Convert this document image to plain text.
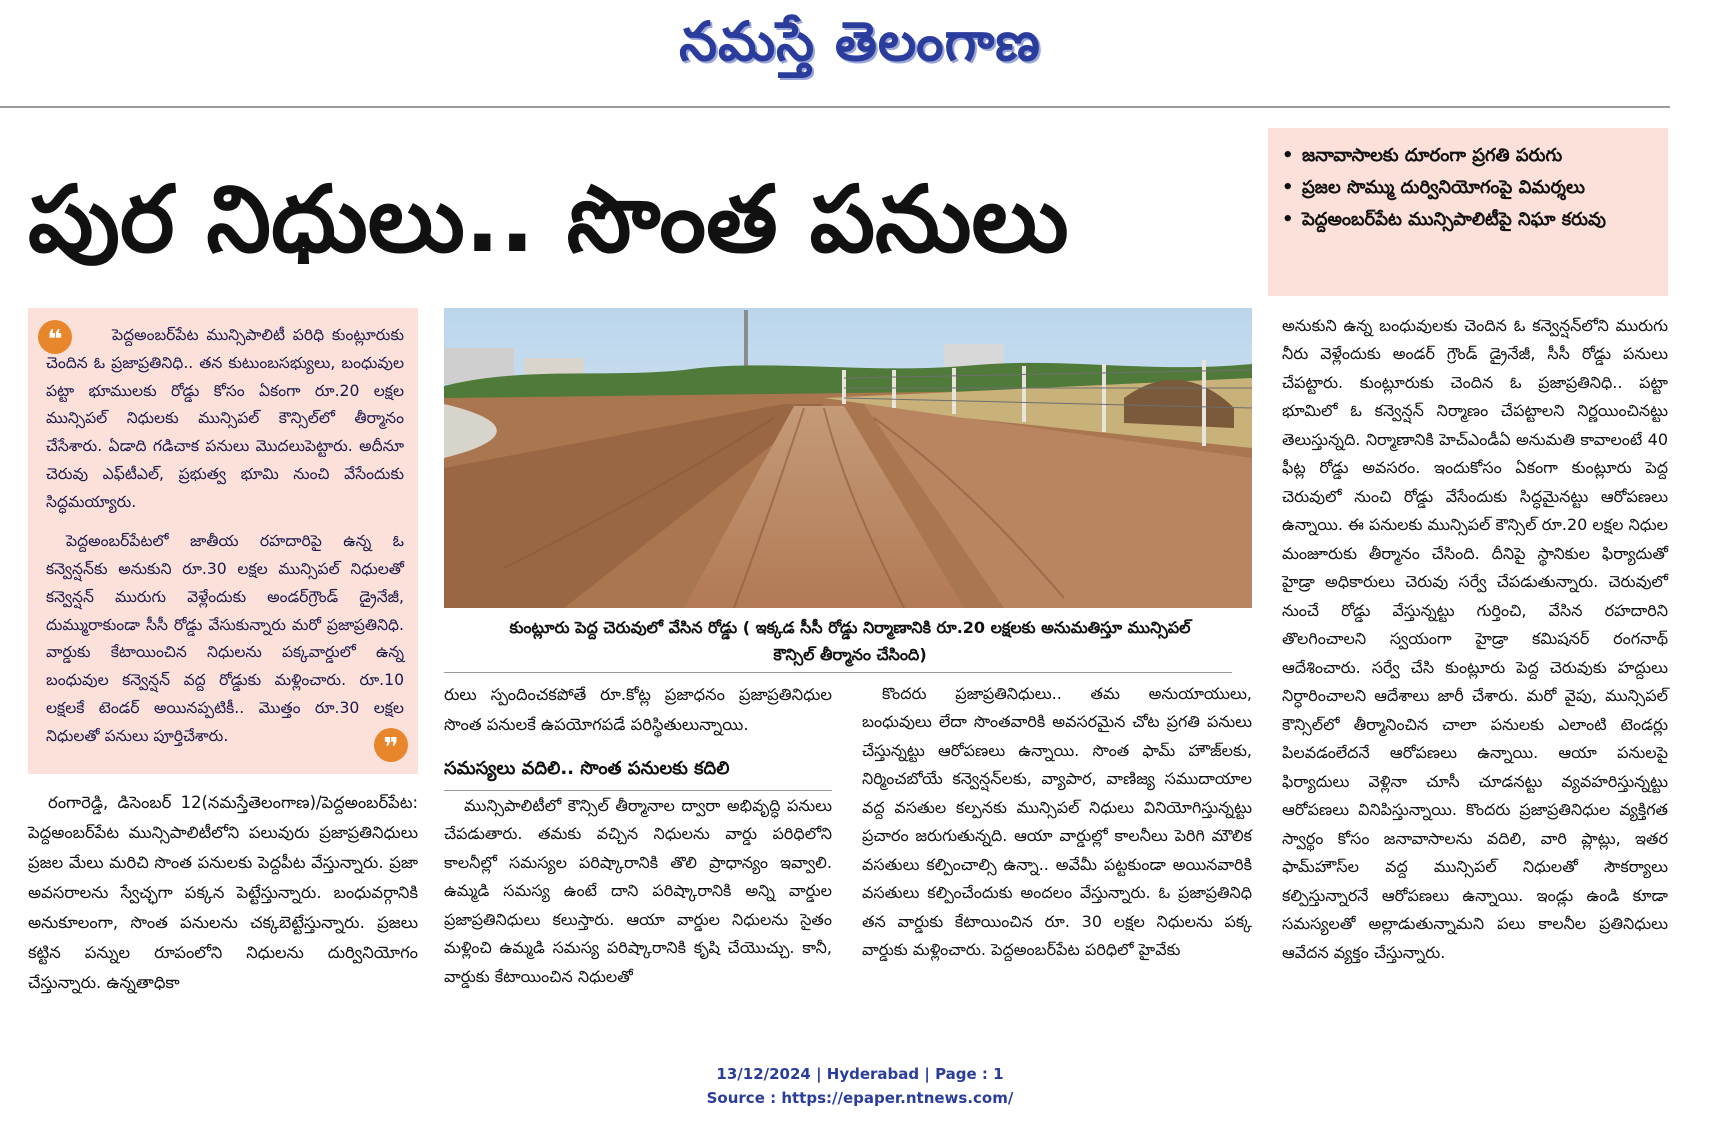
నమస్తే తెలంగాణ
పుర నిధులు.. సొంత పనులు
• జనావాసాలకు దూరంగా ప్రగతి పరుగు
• ప్రజల సొమ్ము దుర్వినియోగంపై విమర్శలు
• పెద్దఅంబర్‌పేట మున్సిపాలిటీపై నిఘా కరువు
❝	పెద్దఅంబర్‌పేట మున్సిపాలిటీ పరిధి కుంట్లూరుకు చెందిన ఓ ప్రజాప్రతినిధి.. తన కుటుంబసభ్యులు, బంధువుల పట్టా భూములకు రోడ్డు కోసం ఏకంగా రూ.20 లక్షల మున్సిపల్ నిధులకు మున్సిపల్ కౌన్సిల్‌లో తీర్మానం చేసేశారు. ఏడాది గడిచాక పనులు మొదలుపెట్టారు. అదీనూ చెరువు ఎఫ్‌టీఎల్, ప్రభుత్వ భూమి నుంచి వేసేందుకు సిద్ధమయ్యారు.

పెద్దఅంబర్‌పేటలో జాతీయ రహదారిపై ఉన్న ఓ కన్వెన్షన్‌కు అనుకుని రూ.30 లక్షల మున్సిపల్ నిధులతో కన్వెన్షన్ మురుగు వెళ్లేందుకు అండర్‌గ్రౌండ్ డ్రైనేజీ, దుమ్మురాకుండా సీసీ రోడ్డు వేసుకున్నారు మరో ప్రజాప్రతినిధి. వార్డుకు కేటాయించిన నిధులను పక్కవార్డులో ఉన్న బంధువుల కన్వెన్షన్ వద్ద రోడ్డుకు మళ్లించారు. రూ.10 లక్షలకే టెండర్ అయినప్పటికీ.. మొత్తం రూ.30 లక్షల నిధులతో పనులు పూర్తిచేశారు.	❞
కుంట్లూరు పెద్ద చెరువులో వేసిన రోడ్డు ( ఇక్కడ సీసీ రోడ్డు నిర్మాణానికి రూ.20 లక్షలకు అనుమతిస్తూ మున్సిపల్ కౌన్సిల్ తీర్మానం చేసింది)

రంగారెడ్డి, డిసెంబర్ 12(నమస్తేతెలంగాణ)/పెద్దఅంబర్‌పేట: పెద్దఅంబర్‌పేట మున్సిపాలిటీలోని పలువురు ప్రజాప్రతినిధులు ప్రజల మేలు మరిచి సొంత పనులకు పెద్దపీట వేస్తున్నారు. ప్రజా అవసరాలను స్వేచ్ఛగా పక్కన పెట్టేస్తున్నారు. బంధువర్గానికి అనుకూలంగా, సొంత పనులను చక్కబెట్టేస్తున్నారు. ప్రజలు కట్టిన పన్నుల రూపంలోని నిధులను దుర్వినియోగం చేస్తున్నారు. ఉన్నతాధికా

రులు స్పందించకపోతే రూ.కోట్ల ప్రజాధనం ప్రజాప్రతినిధుల సొంత పనులకే ఉపయోగపడే పరిస్థితులున్నాయి.

సమస్యలు వదిలి.. సొంత పనులకు కదిలి

మున్సిపాలిటీలో కౌన్సిల్ తీర్మానాల ద్వారా అభివృద్ధి పనులు చేపడుతారు. తమకు వచ్చిన నిధులను వార్డు పరిధిలోని కాలనీల్లో సమస్యల పరిష్కారానికి తొలి ప్రాధాన్యం ఇవ్వాలి. ఉమ్మడి సమస్య ఉంటే దాని పరిష్కారానికి అన్ని వార్డుల ప్రజాప్రతినిధులు కలుస్తారు. ఆయా వార్డుల నిధులను సైతం మళ్లించి ఉమ్మడి సమస్య పరిష్కారానికి కృషి చేయొచ్చు. కానీ, వార్డుకు కేటాయించిన నిధులతో

కొందరు ప్రజాప్రతినిధులు.. తమ అనుయాయులు, బంధువులు లేదా సొంతవారికి అవసరమైన చోట ప్రగతి పనులు చేస్తున్నట్టు ఆరోపణలు ఉన్నాయి. సొంత ఫామ్ హౌజ్‌లకు, నిర్మించబోయే కన్వెన్షన్‌లకు, వ్యాపార, వాణిజ్య సముదాయాల వద్ద వసతుల కల్పనకు మున్సిపల్ నిధులు వినియోగిస్తున్నట్టు ప్రచారం జరుగుతున్నది. ఆయా వార్డుల్లో కాలనీలు పెరిగి మౌలిక వసతులు కల్పించాల్సి ఉన్నా.. అవేమీ పట్టకుండా అయినవారికి వసతులు కల్పించేందుకు అందలం వేస్తున్నారు. ఓ ప్రజాప్రతినిధి తన వార్డుకు కేటాయించిన రూ. 30 లక్షల నిధులను పక్క వార్డుకు మళ్లించారు. పెద్దఅంబర్‌పేట పరిధిలో హైవేకు

అనుకుని ఉన్న బంధువులకు చెందిన ఓ కన్వెన్షన్‌లోని మురుగు నీరు వెళ్లేందుకు అండర్ గ్రౌండ్ డ్రైనేజీ, సీసీ రోడ్డు పనులు చేపట్టారు. కుంట్లూరుకు చెందిన ఓ ప్రజాప్రతినిధి.. పట్టా భూమిలో ఓ కన్వెన్షన్ నిర్మాణం చేపట్టాలని నిర్ణయించినట్టు తెలుస్తున్నది. నిర్మాణానికి హెచ్‌ఎండీఏ అనుమతి కావాలంటే 40 ఫీట్ల రోడ్డు అవసరం. ఇందుకోసం ఏకంగా కుంట్లూరు పెద్ద చెరువులో నుంచి రోడ్డు వేసేందుకు సిద్ధమైనట్టు ఆరోపణలు ఉన్నాయి. ఈ పనులకు మున్సిపల్ కౌన్సిల్ రూ.20 లక్షల నిధుల మంజూరుకు తీర్మానం చేసింది. దీనిపై స్థానికుల ఫిర్యాదుతో హైడ్రా అధికారులు చెరువు సర్వే చేపడుతున్నారు. చెరువులో నుంచే రోడ్డు వేస్తున్నట్టు గుర్తించి, వేసిన రహదారిని తొలగించాలని స్వయంగా హైడ్రా కమిషనర్ రంగనాథ్ ఆదేశించారు. సర్వే చేసి కుంట్లూరు పెద్ద చెరువుకు హద్దులు నిర్ధారించాలని ఆదేశాలు జారీ చేశారు. మరో వైపు, మున్సిపల్ కౌన్సిల్‌లో తీర్మానించిన చాలా పనులకు ఎలాంటి టెండర్లు పిలవడంలేదనే ఆరోపణలు ఉన్నాయి. ఆయా పనులపై ఫిర్యాదులు వెళ్లినా చూసీ చూడనట్టు వ్యవహరిస్తున్నట్టు ఆరోపణలు వినిపిస్తున్నాయి. కొందరు ప్రజాప్రతినిధుల వ్యక్తిగత స్వార్థం కోసం జనావాసాలను వదిలి, వారి ప్లాట్లు, ఇతర ఫామ్‌హౌస్‌ల వద్ద మున్సిపల్ నిధులతో సౌకర్యాలు కల్పిస్తున్నారనే ఆరోపణలు ఉన్నాయి. ఇండ్లు ఉండి కూడా సమస్యలతో అల్లాడుతున్నామని పలు కాలనీల ప్రతినిధులు ఆవేదన వ్యక్తం చేస్తున్నారు.

13/12/2024 | Hyderabad | Page : 1
Source : https://epaper.ntnews.com/
